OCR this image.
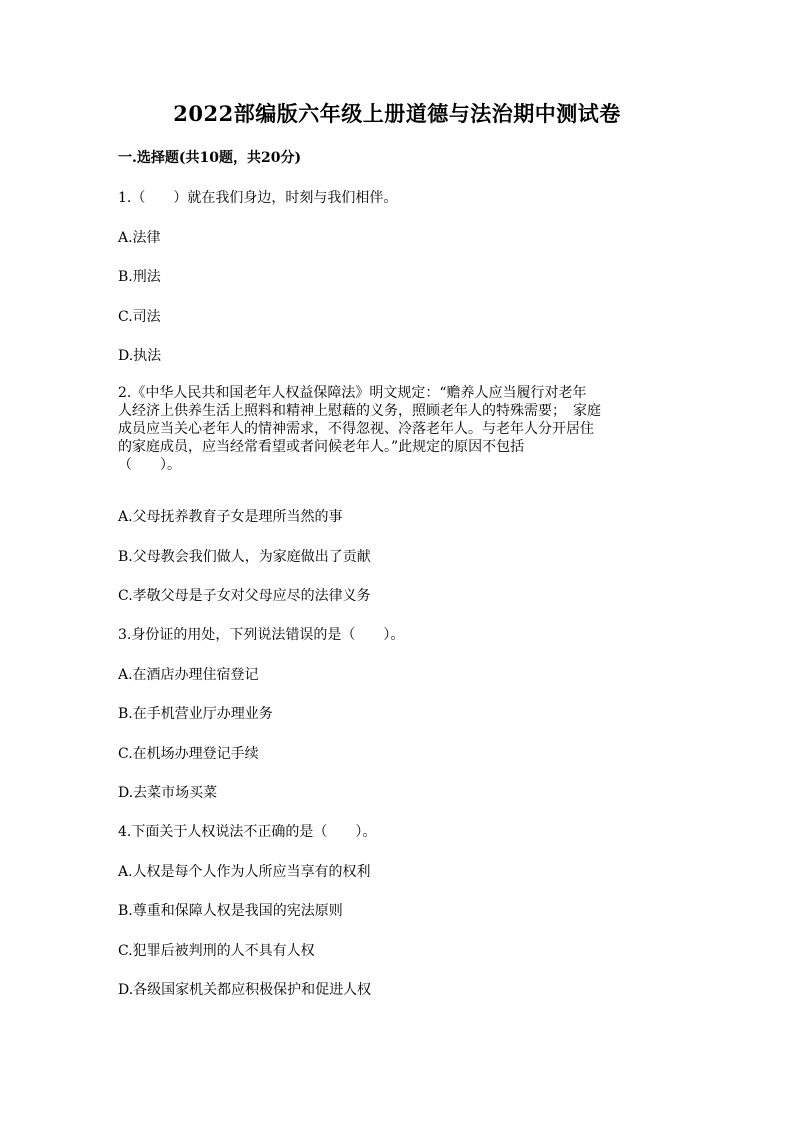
2022部编版六年级上册道德与法治期中测试卷
一.选择题(共10题，共20分)
1.（　　）就在我们身边，时刻与我们相伴。
A.法律
B.刑法
C.司法
D.执法
2.《中华人民共和国老年人权益保障法》明文规定：“赡养人应当履行对老年
人经济上供养生活上照料和精神上慰藉的义务，照顾老年人的特殊需要；　家庭
成员应当关心老年人的情神需求，不得忽视、冷落老年人。与老年人分开居住
的家庭成员，应当经常看望或者问候老年人。”此规定的原因不包括
（　　）。
A.父母抚养教育子女是理所当然的事
B.父母教会我们做人，为家庭做出了贡献
C.孝敬父母是子女对父母应尽的法律义务
3.身份证的用处，下列说法错误的是（　　）。
A.在酒店办理住宿登记
B.在手机营业厅办理业务
C.在机场办理登记手续
D.去菜市场买菜
4.下面关于人权说法不正确的是（　　）。
A.人权是每个人作为人所应当享有的权利
B.尊重和保障人权是我国的宪法原则
C.犯罪后被判刑的人不具有人权
D.各级国家机关都应积极保护和促进人权
